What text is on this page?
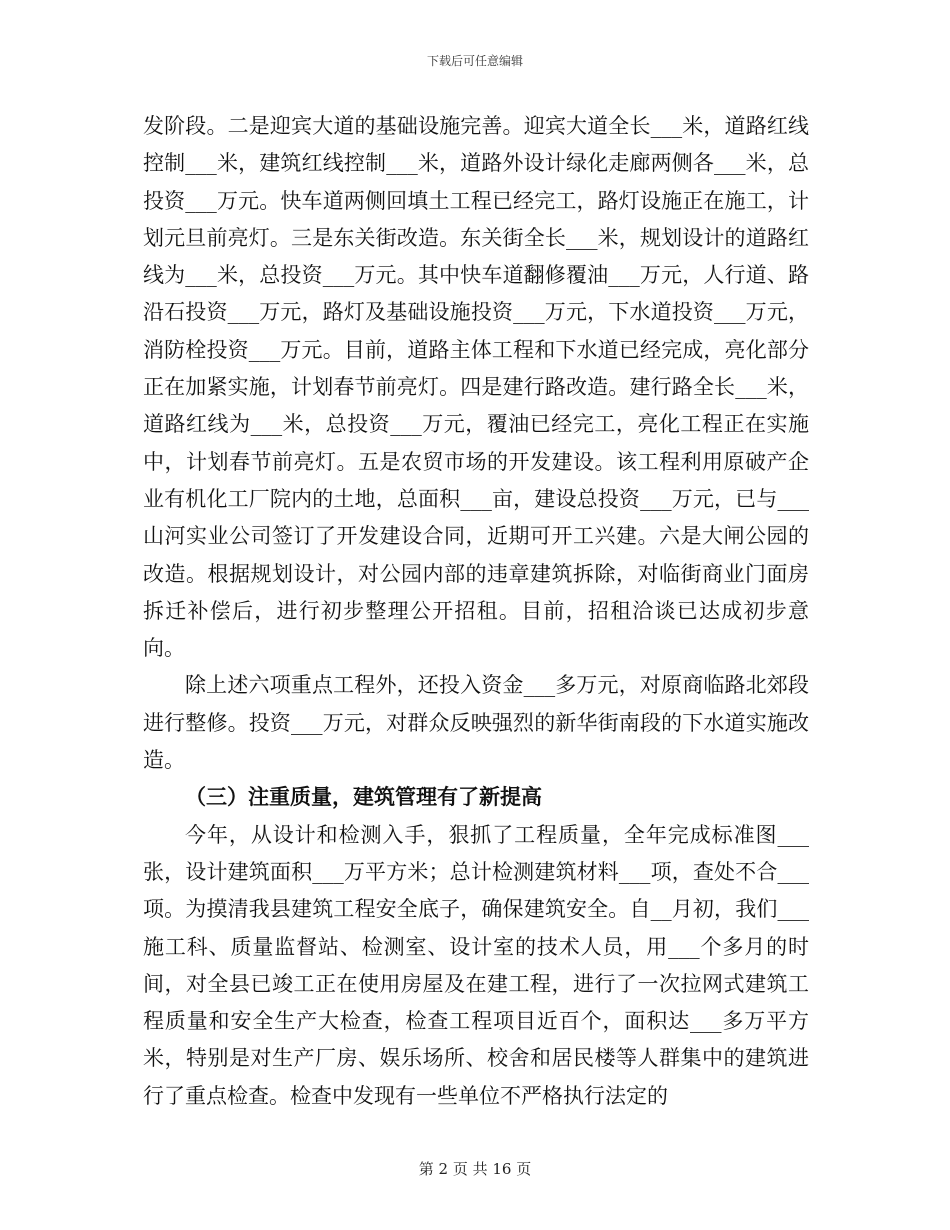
下载后可任意编辑

发阶段。二是迎宾大道的基础设施完善。迎宾大道全长___米，道路红线控制___米，建筑红线控制___米，道路外设计绿化走廊两侧各___米，总投资___万元。快车道两侧回填土工程已经完工，路灯设施正在施工，计划元旦前亮灯。三是东关街改造。东关街全长___米，规划设计的道路红线为___米，总投资___万元。其中快车道翻修覆油___万元，人行道、路沿石投资___万元，路灯及基础设施投资___万元，下水道投资___万元，消防栓投资___万元。目前，道路主体工程和下水道已经完成，亮化部分正在加紧实施，计划春节前亮灯。四是建行路改造。建行路全长___米，道路红线为___米，总投资___万元，覆油已经完工，亮化工程正在实施中，计划春节前亮灯。五是农贸市场的开发建设。该工程利用原破产企业有机化工厂院内的土地，总面积___亩，建设总投资___万元，已与___山河实业公司签订了开发建设合同，近期可开工兴建。六是大闸公园的改造。根据规划设计，对公园内部的违章建筑拆除，对临街商业门面房拆迁补偿后，进行初步整理公开招租。目前，招租洽谈已达成初步意向。

除上述六项重点工程外，还投入资金___多万元，对原商临路北郊段进行整修。投资___万元，对群众反映强烈的新华街南段的下水道实施改造。

（三）注重质量，建筑管理有了新提高

今年，从设计和检测入手，狠抓了工程质量，全年完成标准图___张，设计建筑面积___万平方米；总计检测建筑材料___项，查处不合___项。为摸清我县建筑工程安全底子，确保建筑安全。自__月初，我们___施工科、质量监督站、检测室、设计室的技术人员，用___个多月的时间，对全县已竣工正在使用房屋及在建工程，进行了一次拉网式建筑工程质量和安全生产大检查，检查工程项目近百个，面积达___多万平方米，特别是对生产厂房、娱乐场所、校舍和居民楼等人群集中的建筑进行了重点检查。检查中发现有一些单位不严格执行法定的

第 2 页 共 16 页
